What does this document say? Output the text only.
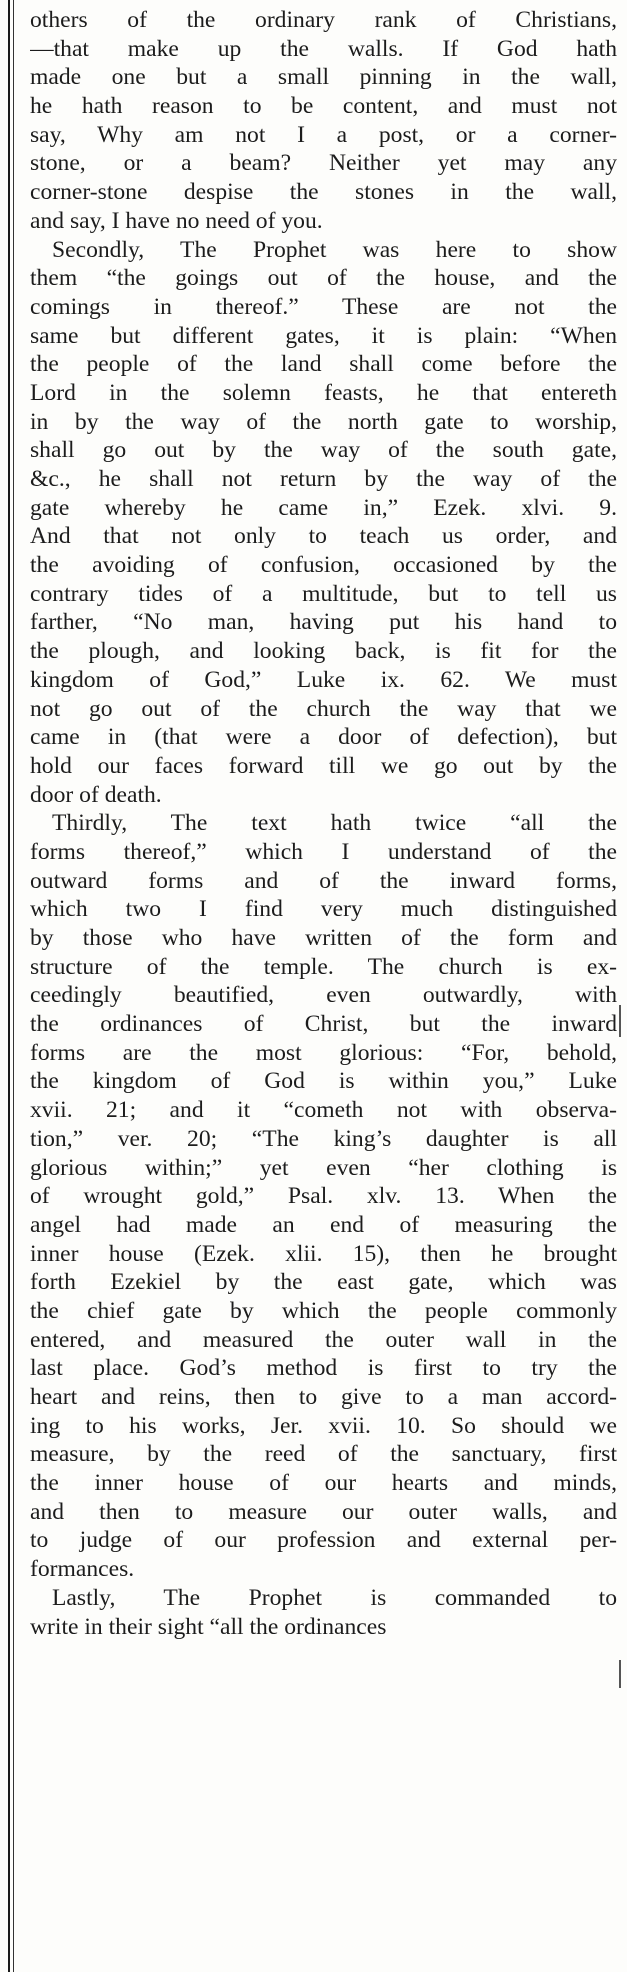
others of the ordinary rank of Christians,
—that make up the walls. If God hath
made one but a small pinning in the wall,
he hath reason to be content, and must not
say, Why am not I a post, or a corner-
stone, or a beam? Neither yet may any
corner-stone despise the stones in the wall,
and say, I have no need of you.
Secondly, The Prophet was here to show
them “the goings out of the house, and the
comings in thereof.” These are not the
same but different gates, it is plain: “When
the people of the land shall come before the
Lord in the solemn feasts, he that entereth
in by the way of the north gate to worship,
shall go out by the way of the south gate,
&c., he shall not return by the way of the
gate whereby he came in,” Ezek. xlvi. 9.
And that not only to teach us order, and
the avoiding of confusion, occasioned by the
contrary tides of a multitude, but to tell us
farther, “No man, having put his hand to
the plough, and looking back, is fit for the
kingdom of God,” Luke ix. 62. We must
not go out of the church the way that we
came in (that were a door of defection), but
hold our faces forward till we go out by the
door of death.
Thirdly, The text hath twice “all the
forms thereof,” which I understand of the
outward forms and of the inward forms,
which two I find very much distinguished
by those who have written of the form and
structure of the temple. The church is ex-
ceedingly beautified, even outwardly, with
the ordinances of Christ, but the inward
forms are the most glorious: “For, behold,
the kingdom of God is within you,” Luke
xvii. 21; and it “cometh not with observa-
tion,” ver. 20; “The king’s daughter is all
glorious within;” yet even “her clothing is
of wrought gold,” Psal. xlv. 13. When the
angel had made an end of measuring the
inner house (Ezek. xlii. 15), then he brought
forth Ezekiel by the east gate, which was
the chief gate by which the people commonly
entered, and measured the outer wall in the
last place. God’s method is first to try the
heart and reins, then to give to a man accord-
ing to his works, Jer. xvii. 10. So should we
measure, by the reed of the sanctuary, first
the inner house of our hearts and minds,
and then to measure our outer walls, and
to judge of our profession and external per-
formances.
Lastly, The Prophet is commanded to
write in their sight “all the ordinances
